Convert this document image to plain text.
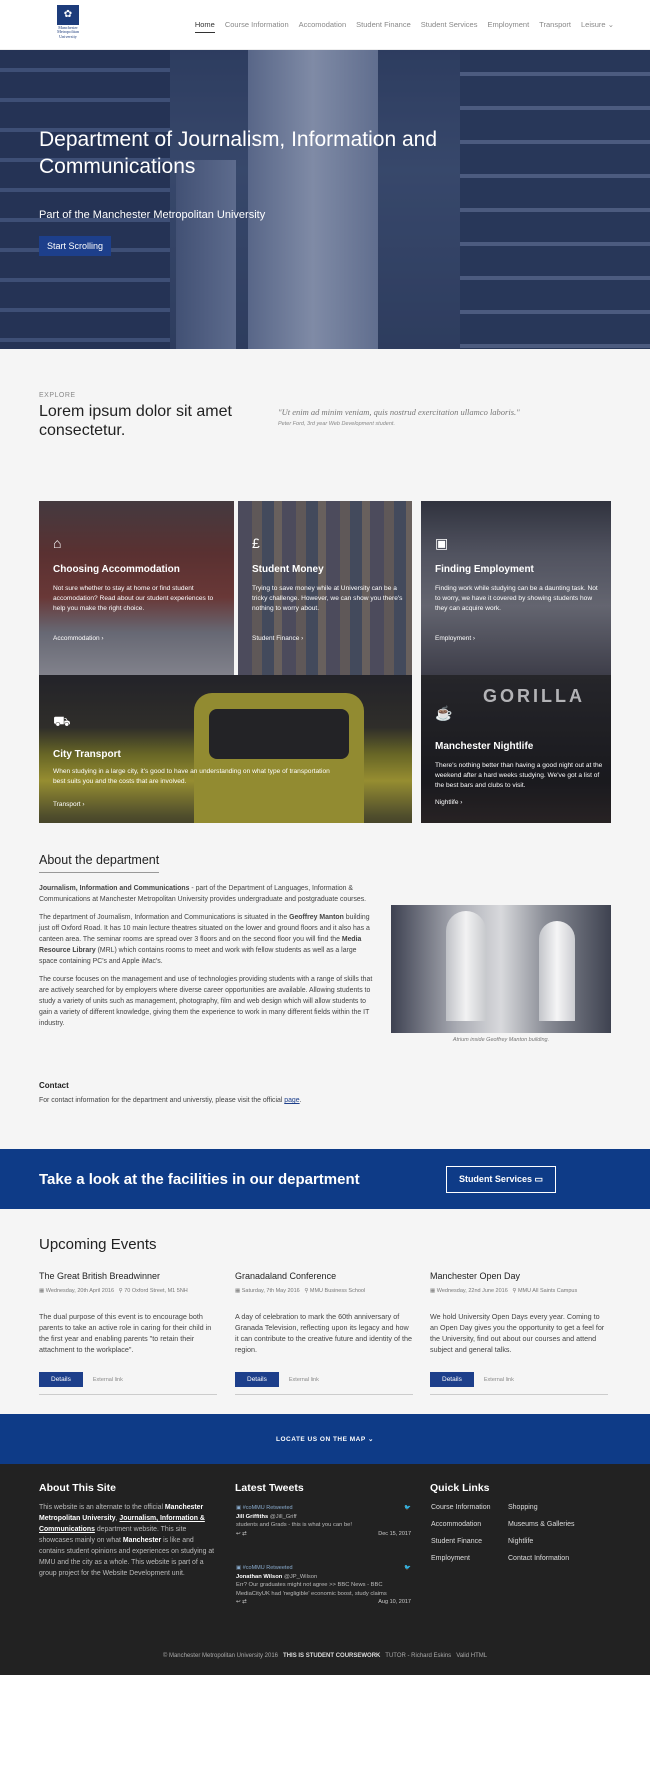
✿
Manchester Metropolitan University
Home Course Information Accomodation Student Finance Student Services Employment Transport Leisure ⌄
Department of Journalism, Information and Communications
Part of the Manchester Metropolitan University
Start Scrolling
EXPLORE
Lorem ipsum dolor sit amet consectetur.
"Ut enim ad minim veniam, quis nostrud exercitation ullamco laboris."
Peter Ford, 3rd year Web Development student.
⌂
Choosing Accommodation

Not sure whether to stay at home or find student accomodation? Read about our student experiences to help you make the right choice.

Accommodation ›
£
Student Money

Trying to save money while at University can be a tricky challenge. However, we can show you there's nothing to worry about.

Student Finance ›
▣
Finding Employment

Finding work while studying can be a daunting task. Not to worry, we have it covered by showing students how they can acquire work.

Employment ›
⛟
City Transport

When studying in a large city, it's good to have an understanding on what type of transportation best suits you and the costs that are involved.

Transport ›
GORILLA
☕
Manchester Nightlife

There's nothing better than having a good night out at the weekend after a hard weeks studying. We've got a list of the best bars and clubs to visit.

Nightlife ›
About the department

Journalism, Information and Communications - part of the Department of Languages, Information & Communications at Manchester Metropolitan University provides undergraduate and postgraduate courses.

The department of Journalism, Information and Communications is situated in the Geoffrey Manton building just off Oxford Road. It has 10 main lecture theatres situated on the lower and ground floors and it also has a canteen area. The seminar rooms are spread over 3 floors and on the second floor you will find the Media Resource Library (MRL) which contains rooms to meet and work with fellow students as well as a large space containing PC's and Apple iMac's.

The course focuses on the management and use of technologies providing students with a range of skills that are actively searched for by employers where diverse career opportunities are available. Allowing students to study a variety of units such as management, photography, film and web design which will allow students to gain a variety of different knowledge, giving them the experience to work in many different fields within the IT industry.

Contact
For contact information for the department and universtiy, please visit the official page.
Atrium inside Geoffrey Manton building.
Take a look at the facilities in our department	Student Services ▭
Upcoming Events
The Great British Breadwinner
▦ Wednesday, 20th April 2016 ⚲ 70 Oxford Street, M1 5NH

The dual purpose of this event is to encourage both parents to take an active role in caring for their child in the first year and enabling parents "to retain their attachment to the workplace".

Details	External link
Granadaland Conference
▦ Saturday, 7th May 2016 ⚲ MMU Business School

A day of celebration to mark the 60th anniversary of Granada Television, reflecting upon its legacy and how it can contribute to the creative future and identity of the region.

Details	External link
Manchester Open Day
▦ Wednesday, 22nd June 2016 ⚲ MMU All Saints Campus

We hold University Open Days every year. Coming to an Open Day gives you the opportunity to get a feel for the University, find out about our courses and attend subject and general talks.

Details	External link
LOCATE US ON THE MAP
⌄
About This Site
This website is an alternate to the official Manchester Metropolitan University, Journalism, Information & Communications department website. This site showcases mainly on what Manchester is like and contains student opinions and experiences on studying at MMU and the city as a whole. This website is part of a group project for the Website Development unit.
Latest Tweets
▣ #coMMU Retweeted	🐦
Jill Griffiths @Jill_Griff
students and Grads - this is what you can be!
↩ ⇄	Dec 15, 2017
▣ #coMMU Retweeted	🐦
Jonathan Wilson @JP_Wilson
Err? Our graduates might not agree >> BBC News - BBC MediaCityUK had 'negligible' economic boost, study claims
↩ ⇄	Aug 10, 2017
Quick Links
Course Information
Accommodation
Student Finance
Employment
Shopping
Museums & Galleries
Nightlife
Contact Information
© Manchester Metropolitan University 2016 THIS IS STUDENT COURSEWORK TUTOR - Richard Eskins Valid HTML
